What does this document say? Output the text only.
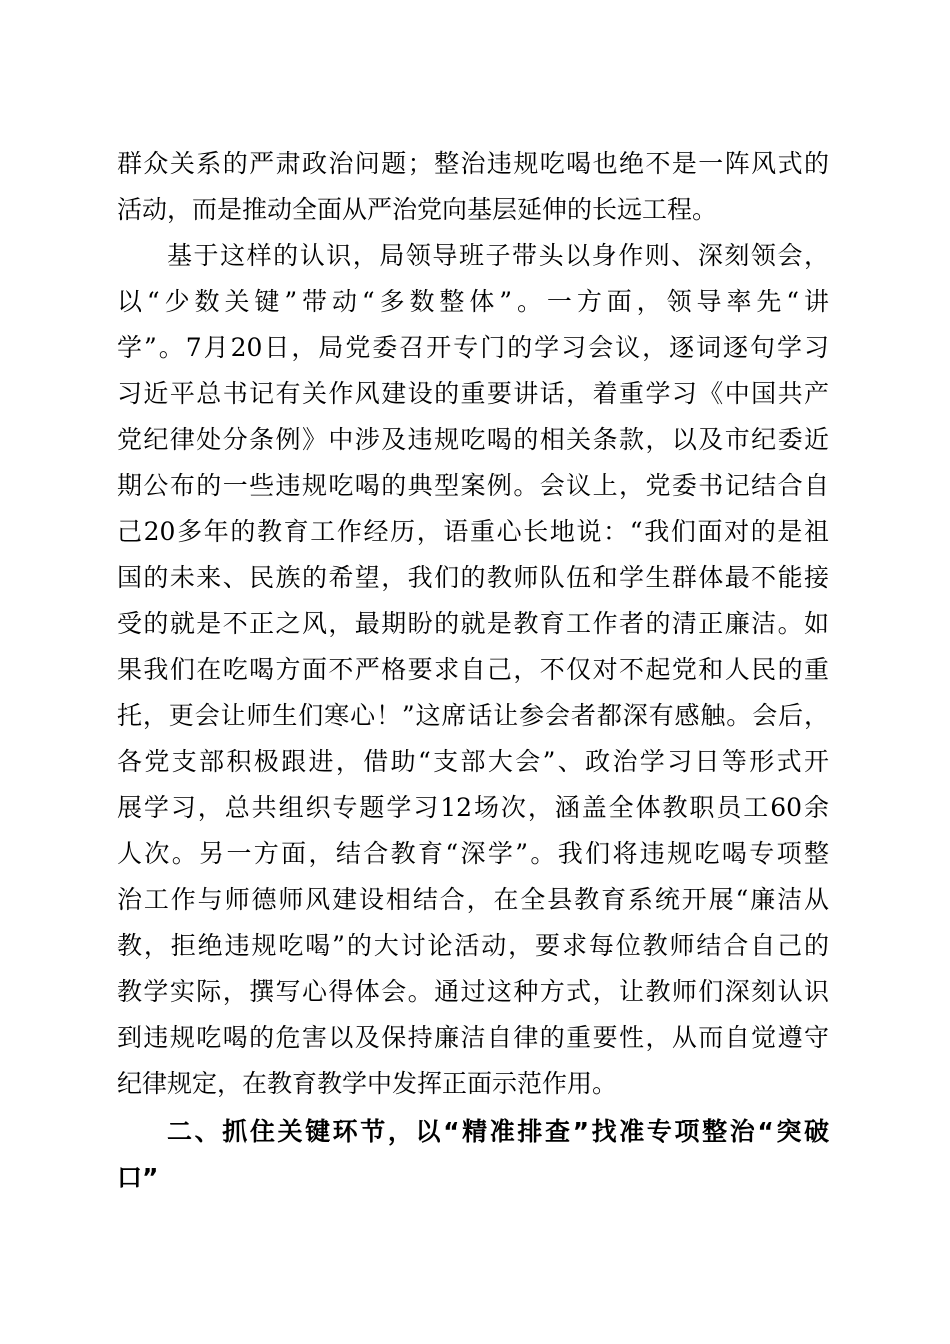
群众关系的严肃政治问题；整治违规吃喝也绝不是一阵风式的
活动，而是推动全面从严治党向基层延伸的长远工程。
基于这样的认识，局领导班子带头以身作则、深刻领会，
以“少数关键”带动“多数整体”。一方面，领导率先“讲
学”。7月20日，局党委召开专门的学习会议，逐词逐句学习
习近平总书记有关作风建设的重要讲话，着重学习《中国共产
党纪律处分条例》中涉及违规吃喝的相关条款，以及市纪委近
期公布的一些违规吃喝的典型案例。会议上，党委书记结合自
己20多年的教育工作经历，语重心长地说：“我们面对的是祖
国的未来、民族的希望，我们的教师队伍和学生群体最不能接
受的就是不正之风，最期盼的就是教育工作者的清正廉洁。如
果我们在吃喝方面不严格要求自己，不仅对不起党和人民的重
托，更会让师生们寒心！”这席话让参会者都深有感触。会后，
各党支部积极跟进，借助“支部大会”、政治学习日等形式开
展学习，总共组织专题学习12场次，涵盖全体教职员工60余
人次。另一方面，结合教育“深学”。我们将违规吃喝专项整
治工作与师德师风建设相结合，在全县教育系统开展“廉洁从
教，拒绝违规吃喝”的大讨论活动，要求每位教师结合自己的
教学实际，撰写心得体会。通过这种方式，让教师们深刻认识
到违规吃喝的危害以及保持廉洁自律的重要性，从而自觉遵守
纪律规定，在教育教学中发挥正面示范作用。
二、抓住关键环节，以“精准排查”找准专项整治“突破
口”
